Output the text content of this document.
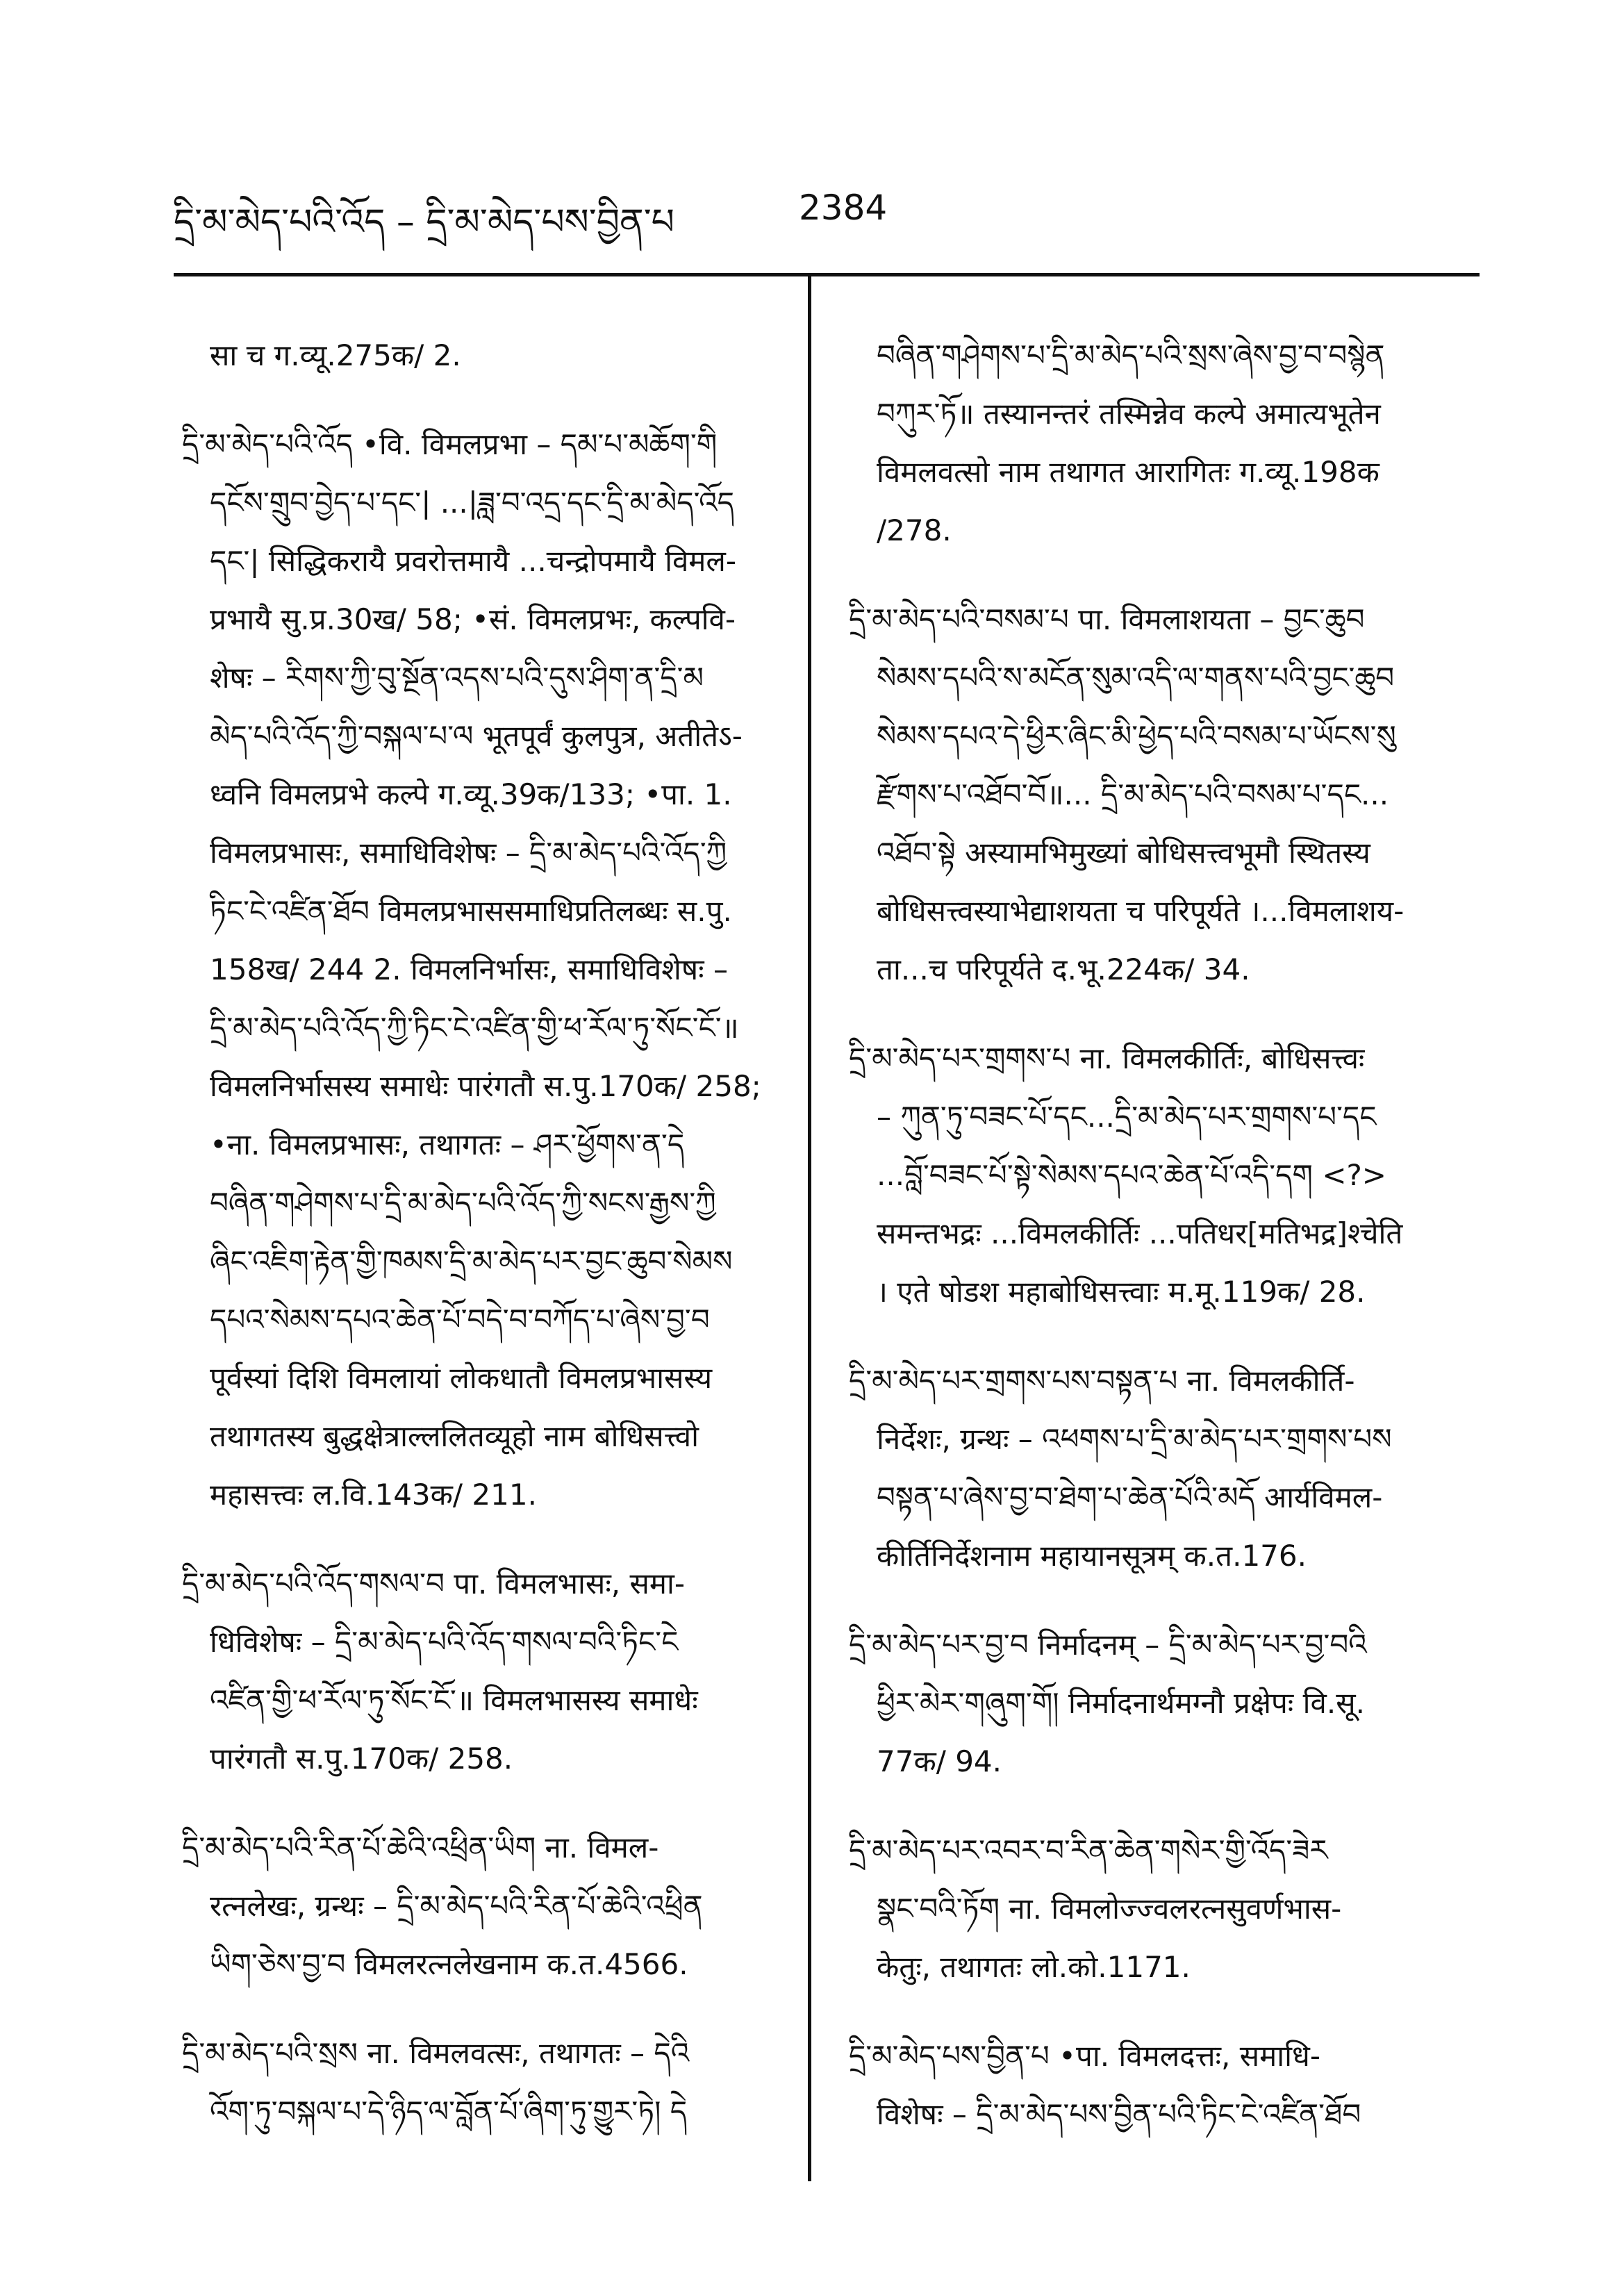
དྲི་མ་མེད་པའི་འོད – དྲི་མ་མེད་པས་བྱིན་པ	2384
सा च ग.व्यू.275क/ 2.
དྲི་མ་མེད་པའི་འོད •वि. विमलप्रभा – དམ་པ་མཆོག་གི
དངོས་གྲུབ་བྱེད་པ་དང་| ...|ཟླ་བ་འདྲ་དང་དྲི་མ་མེད་འོད
དང་| सिद्धिकरायै प्रवरोत्तमायै ...चन्द्रोपमायै विमल-
प्रभायै सु.प्र.30ख/ 58; •सं. विमलप्रभः, कल्पवि-
शेषः – རིགས་ཀྱི་བུ་སྔོན་འདས་པའི་དུས་ཤིག་ན་དྲི་མ
མེད་པའི་འོད་ཀྱི་བསྐལ་པ་ལ भूतपूर्वं कुलपुत्र, अतीतेऽ-
ध्वनि विमलप्रभे कल्पे ग.व्यू.39क/133; •पा. 1.
विमलप्रभासः, समाधिविशेषः – དྲི་མ་མེད་པའི་འོད་ཀྱི
ཏིང་ངེ་འཛིན་ཐོབ विमलप्रभाससमाधिप्रतिलब्धः स.पु.
158ख/ 244 2. विमलनिर्भासः, समाधिविशेषः –
དྲི་མ་མེད་པའི་འོད་ཀྱི་ཏིང་ངེ་འཛིན་གྱི་ཕ་རོལ་ཏུ་སོང་ངོ་॥
विमलनिर्भासस्य समाधेः पारंगतौ स.पु.170क/ 258;
•ना. विमलप्रभासः, तथागतः – ཤར་ཕྱོགས་ན་དེ
བཞིན་གཤེགས་པ་དྲི་མ་མེད་པའི་འོད་ཀྱི་སངས་རྒྱས་ཀྱི
ཞིང་འཇིག་རྟེན་གྱི་ཁམས་དྲི་མ་མེད་པར་བྱང་ཆུབ་སེམས
དཔའ་སེམས་དཔའ་ཆེན་པོ་བདེ་བ་བཀོད་པ་ཞེས་བྱ་བ
पूर्वस्यां दिशि विमलायां लोकधातौ विमलप्रभासस्य
तथागतस्य बुद्धक्षेत्राल्ललितव्यूहो नाम बोधिसत्त्वो
महासत्त्वः ल.वि.143क/ 211.
དྲི་མ་མེད་པའི་འོད་གསལ་བ पा. विमलभासः, समा-
धिविशेषः – དྲི་མ་མེད་པའི་འོད་གསལ་བའི་ཏིང་ངེ
འཛིན་གྱི་ཕ་རོལ་ཏུ་སོང་ངོ་॥ विमलभासस्य समाधेः
पारंगतौ स.पु.170क/ 258.
དྲི་མ་མེད་པའི་རིན་པོ་ཆེའི་འཕྲིན་ཡིག ना. विमल-
रत्नलेखः, ग्रन्थः – དྲི་མ་མེད་པའི་རིན་པོ་ཆེའི་འཕྲིན
ཡིག་ཅེས་བྱ་བ विमलरत्नलेखनाम क.त.4566.
དྲི་མ་མེད་པའི་སྲས ना. विमलवत्सः, तथागतः – དེའི
འོག་ཏུ་བསྐལ་པ་དེ་ཉིད་ལ་བློན་པོ་ཞིག་ཏུ་གྱུར་ཏེ། དེ
བཞིན་གཤེགས་པ་དྲི་མ་མེད་པའི་སྲས་ཞེས་བྱ་བ་བསྙེན
བཀུར་ཏོ॥ तस्यानन्तरं तस्मिन्नेव कल्पे अमात्यभूतेन
विमलवत्सो नाम तथागत आरागितः ग.व्यू.198क
/278.
དྲི་མ་མེད་པའི་བསམ་པ पा. विमलाशयता – བྱང་ཆུབ
སེམས་དཔའི་ས་མངོན་སུམ་འདི་ལ་གནས་པའི་བྱང་ཆུབ
སེམས་དཔའ་དེ་ཕྱིར་ཞིང་མི་ཕྱེད་པའི་བསམ་པ་ཡོངས་སུ
རྫོགས་པ་འཐོབ་བོ॥... དྲི་མ་མེད་པའི་བསམ་པ་དང...
འཐོབ་སྟེ अस्यामभिमुख्यां बोधिसत्त्वभूमौ स्थितस्य
बोधिसत्त्वस्याभेद्याशयता च परिपूर्यते ।...विमलाशय-
ता...च परिपूर्यते द.भू.224क/ 34.
དྲི་མ་མེད་པར་གྲགས་པ ना. विमलकीर्तिः, बोधिसत्त्वः
– ཀུན་ཏུ་བཟང་པོ་དང...དྲི་མ་མེད་པར་གྲགས་པ་དང
...བློ་བཟང་པོ་སྟེ་སེམས་དཔའ་ཆེན་པོ་འདི་དག <?>
समन्तभद्रः ...विमलकीर्तिः ...पतिधर[मतिभद्र]श्चेति
। एते षोडश महाबोधिसत्त्वाः म.मू.119क/ 28.
དྲི་མ་མེད་པར་གྲགས་པས་བསྟན་པ ना. विमलकीर्ति-
निर्देशः, ग्रन्थः – འཕགས་པ་དྲི་མ་མེད་པར་གྲགས་པས
བསྟན་པ་ཞེས་བྱ་བ་ཐེག་པ་ཆེན་པོའི་མདོ आर्यविमल-
कीर्तिनिर्देशनाम महायानसूत्रम् क.त.176.
དྲི་མ་མེད་པར་བྱ་བ निर्मादनम् – དྲི་མ་མེད་པར་བྱ་བའི
ཕྱིར་མེར་གཞུག་གོ། निर्मादनार्थमग्नौ प्रक्षेपः वि.सू.
77क/ 94.
དྲི་མ་མེད་པར་འབར་བ་རིན་ཆེན་གསེར་གྱི་འོད་ཟེར
སྣང་བའི་ཏོག ना. विमलोज्ज्वलरत्नसुवर्णभास-
केतुः, तथागतः लो.को.1171.
དྲི་མ་མེད་པས་བྱིན་པ •पा. विमलदत्तः, समाधि-
विशेषः – དྲི་མ་མེད་པས་བྱིན་པའི་ཏིང་ངེ་འཛིན་ཐོབ
